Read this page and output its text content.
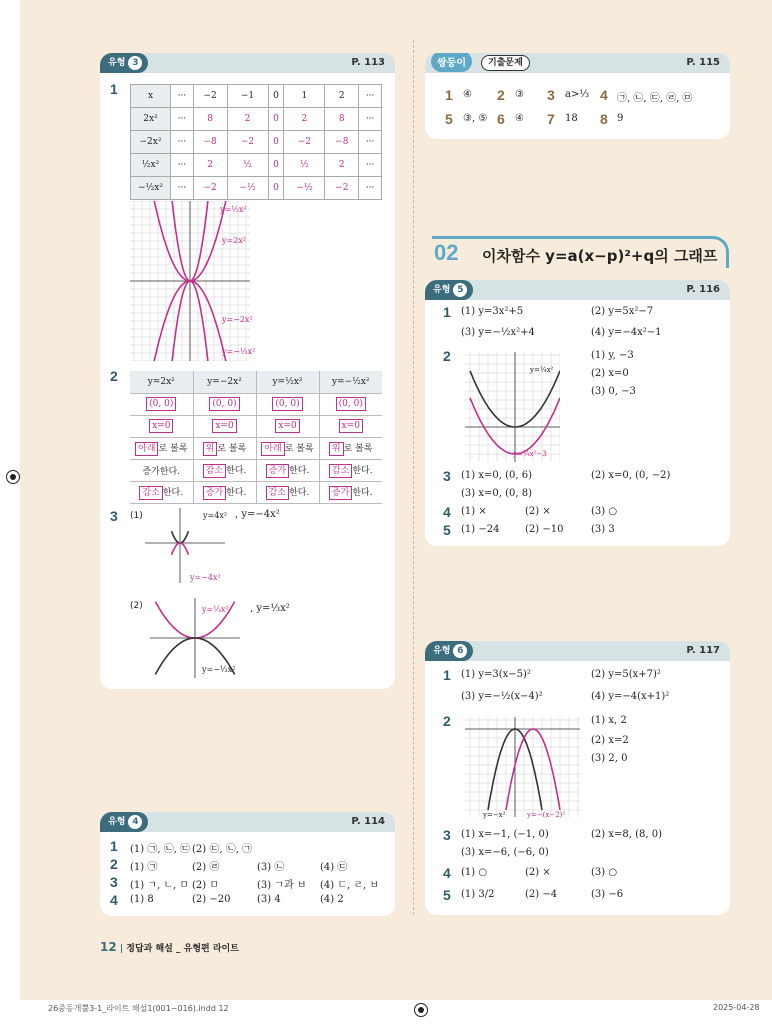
유형 3	P. 113
1	x	···	−2	−1	0	1	2	···
2x²	···	8	2	0	2	8	···
−2x²	···	−8	−2	0	−2	−8	···
½x²	···	2	½	0	½	2	···
−½x²	···	−2	−½	0	−½	−2	···
y=½x²
y=2x²
y=−2x²
y=−½x²
2	y=2x²	y=−2x²	y=½x²	y=−½x²
(0, 0)	(0, 0)	(0, 0)	(0, 0)
x=0	x=0	x=0	x=0
아래 로 볼록	위 로 볼록	아래 로 볼록	위 로 볼록
증가한다.	감소 한다.	증가 한다.	감소 한다.
감소 한다.	증가 한다.	감소 한다.	증가 한다.
3 (1)	y=4x²
y=−4x²
, y=−4x²
(2)	y=⅓x²
y=−⅓x²
, y=⅓x²
유형 4	P. 114
1 (1) ㉠, ㉡, ㉢ (2) ㉢, ㉡, ㉠
2 (1) ㉠	(2) ㉣	(3) ㉡	(4) ㉢
3 (1) ㄱ, ㄴ, ㅁ (2) ㅁ	(3) ㄱ과 ㅂ (4) ㄷ, ㄹ, ㅂ
4 (1) 8	(2) −20	(3) 4	(4) 2
쌍둥이	기출문제	P. 115
1 ④ 2 ③ 3 a>⅓ 4 ㉠, ㉡, ㉢, ㉣, ㉤
5 ③, ⑤ 6 ④ 7 18 8 9
02 이차함수 y=a(x−p)²+q의 그래프
유형 5	P. 116
1 (1) y=3x²+5	(2) y=5x²−7
(3) y=−½x²+4	(4) y=−4x²−1
2
y=¼x²
y=¼x²−3
(1) y, −3
(2) x=0
(3) 0, −3
3 (1) x=0, (0, 6)	(2) x=0, (0, −2)
(3) x=0, (0, 8)
4 (1) ×	(2) ×	(3) ○
5 (1) −24	(2) −10	(3) 3
유형 6	P. 117
1 (1) y=3(x−5)²	(2) y=5(x+7)²
(3) y=−½(x−4)²	(4) y=−4(x+1)²
2
y=−x²	y=−(x−2)²
(1) x, 2
(2) x=2
(3) 2, 0
3 (1) x=−1, (−1, 0)	(2) x=8, (8, 0)
(3) x=−6, (−6, 0)
4 (1) ○	(2) ×	(3) ○
5 (1) 3/2	(2) −4	(3) −6
12 | 정답과 해설 _ 유형편 라이트
26중등개뿔3-1_라이트 해설1(001~016).indd 12	2025-04-28
